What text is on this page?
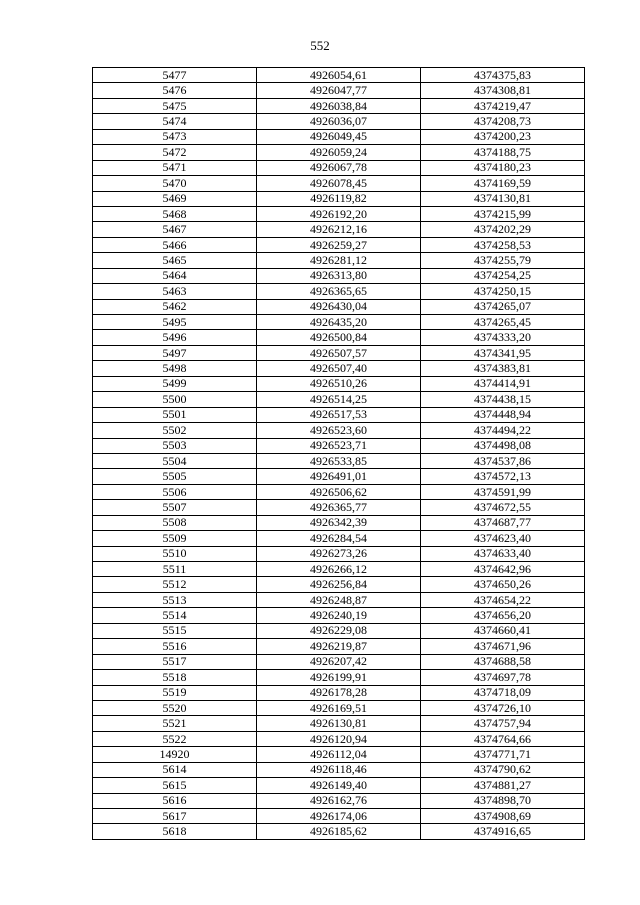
552
5477	4926054,61	4374375,83
5476	4926047,77	4374308,81
5475	4926038,84	4374219,47
5474	4926036,07	4374208,73
5473	4926049,45	4374200,23
5472	4926059,24	4374188,75
5471	4926067,78	4374180,23
5470	4926078,45	4374169,59
5469	4926119,82	4374130,81
5468	4926192,20	4374215,99
5467	4926212,16	4374202,29
5466	4926259,27	4374258,53
5465	4926281,12	4374255,79
5464	4926313,80	4374254,25
5463	4926365,65	4374250,15
5462	4926430,04	4374265,07
5495	4926435,20	4374265,45
5496	4926500,84	4374333,20
5497	4926507,57	4374341,95
5498	4926507,40	4374383,81
5499	4926510,26	4374414,91
5500	4926514,25	4374438,15
5501	4926517,53	4374448,94
5502	4926523,60	4374494,22
5503	4926523,71	4374498,08
5504	4926533,85	4374537,86
5505	4926491,01	4374572,13
5506	4926506,62	4374591,99
5507	4926365,77	4374672,55
5508	4926342,39	4374687,77
5509	4926284,54	4374623,40
5510	4926273,26	4374633,40
5511	4926266,12	4374642,96
5512	4926256,84	4374650,26
5513	4926248,87	4374654,22
5514	4926240,19	4374656,20
5515	4926229,08	4374660,41
5516	4926219,87	4374671,96
5517	4926207,42	4374688,58
5518	4926199,91	4374697,78
5519	4926178,28	4374718,09
5520	4926169,51	4374726,10
5521	4926130,81	4374757,94
5522	4926120,94	4374764,66
14920	4926112,04	4374771,71
5614	4926118,46	4374790,62
5615	4926149,40	4374881,27
5616	4926162,76	4374898,70
5617	4926174,06	4374908,69
5618	4926185,62	4374916,65
